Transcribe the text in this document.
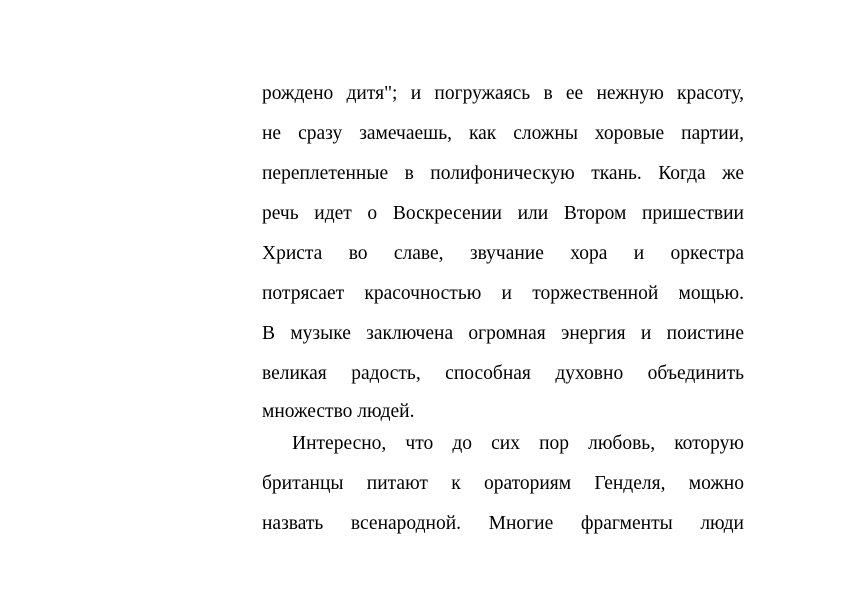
рождено дитя"; и погружаясь в ее нежную красоту,
не сразу замечаешь, как сложны хоровые партии,
переплетенные в полифоническую ткань. Когда же
речь идет о Воскресении или Втором пришествии
Христа во славе, звучание хора и оркестра
потрясает красочностью и торжественной мощью.
В музыке заключена огромная энергия и поистине
великая радость, способная духовно объединить
множество людей.
Интересно, что до сих пор любовь, которую
британцы питают к ораториям Генделя, можно
назвать всенародной. Многие фрагменты люди
